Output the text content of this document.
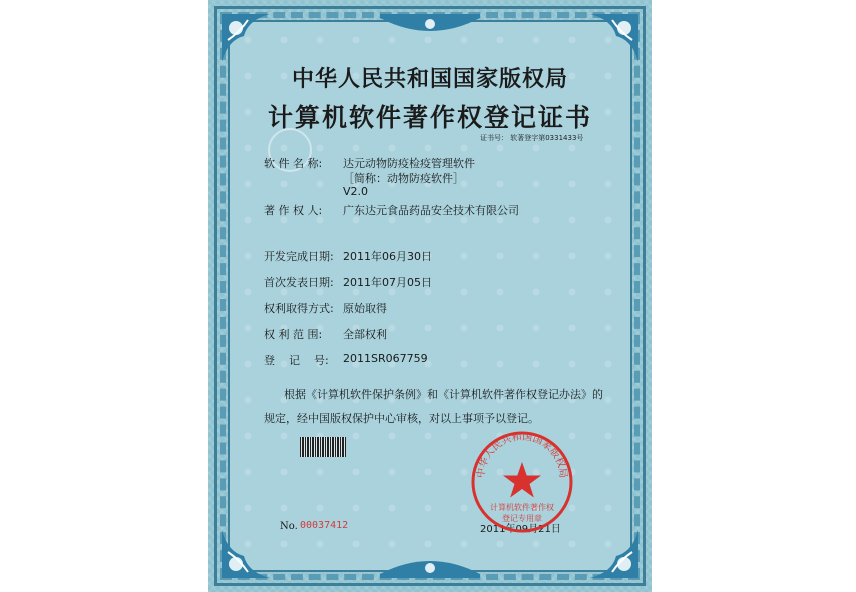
中华人民共和国国家版权局
计算机软件著作权登记证书
证书号： 软著登字第0331433号
软 件 名 称: 达元动物防疫检疫管理软件
［简称：动物防疫软件］
V2.0
著 作 权 人: 广东达元食品药品安全技术有限公司
开发完成日期: 2011年06月30日
首次发表日期: 2011年07月05日
权利取得方式: 原始取得
权 利 范 围: 全部权利
登    记    号: 2011SR067759
根据《计算机软件保护条例》和《计算机软件著作权登记办法》的
规定，经中国版权保护中心审核，对以上事项予以登记。
No. 00037412	2011年09月21日
中华人民共和国国家版权局
计算机软件著作权
登记专用章
